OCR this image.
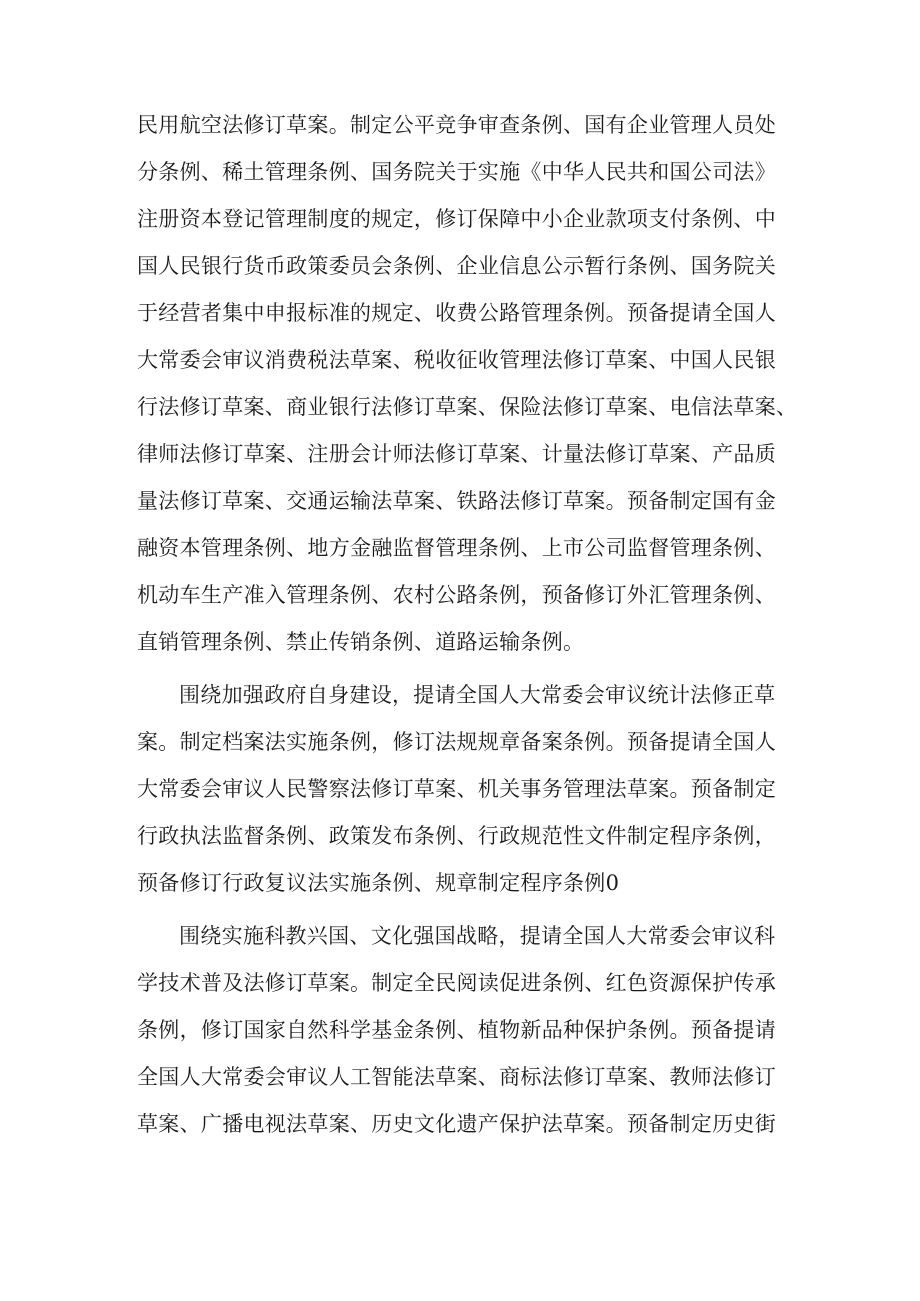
民用航空法修订草案。制定公平竞争审查条例、国有企业管理人员处
分条例、稀土管理条例、国务院关于实施《中华人民共和国公司法》
注册资本登记管理制度的规定，修订保障中小企业款项支付条例、中
国人民银行货币政策委员会条例、企业信息公示暂行条例、国务院关
于经营者集中申报标准的规定、收费公路管理条例。预备提请全国人
大常委会审议消费税法草案、税收征收管理法修订草案、中国人民银
行法修订草案、商业银行法修订草案、保险法修订草案、电信法草案、
律师法修订草案、注册会计师法修订草案、计量法修订草案、产品质
量法修订草案、交通运输法草案、铁路法修订草案。预备制定国有金
融资本管理条例、地方金融监督管理条例、上市公司监督管理条例、
机动车生产准入管理条例、农村公路条例，预备修订外汇管理条例、
直销管理条例、禁止传销条例、道路运输条例。
围绕加强政府自身建设，提请全国人大常委会审议统计法修正草
案。制定档案法实施条例，修订法规规章备案条例。预备提请全国人
大常委会审议人民警察法修订草案、机关事务管理法草案。预备制定
行政执法监督条例、政策发布条例、行政规范性文件制定程序条例，
预备修订行政复议法实施条例、规章制定程序条例0
围绕实施科教兴国、文化强国战略，提请全国人大常委会审议科
学技术普及法修订草案。制定全民阅读促进条例、红色资源保护传承
条例，修订国家自然科学基金条例、植物新品种保护条例。预备提请
全国人大常委会审议人工智能法草案、商标法修订草案、教师法修订
草案、广播电视法草案、历史文化遗产保护法草案。预备制定历史街
